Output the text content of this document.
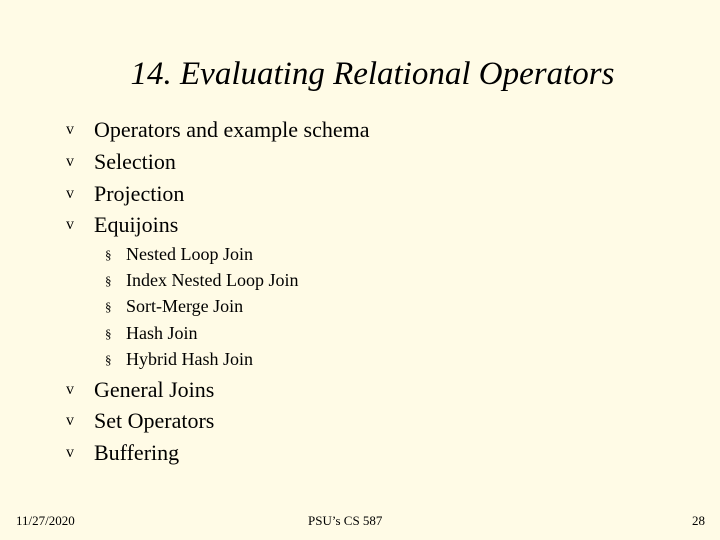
14. Evaluating Relational Operators
v Operators and example schema
v Selection
v Projection
v Equijoins
§ Nested Loop Join
§ Index Nested Loop Join
§ Sort-Merge Join
§ Hash Join
§ Hybrid Hash Join
v General Joins
v Set Operators
v Buffering
11/27/2020	PSU’s CS 587	28
